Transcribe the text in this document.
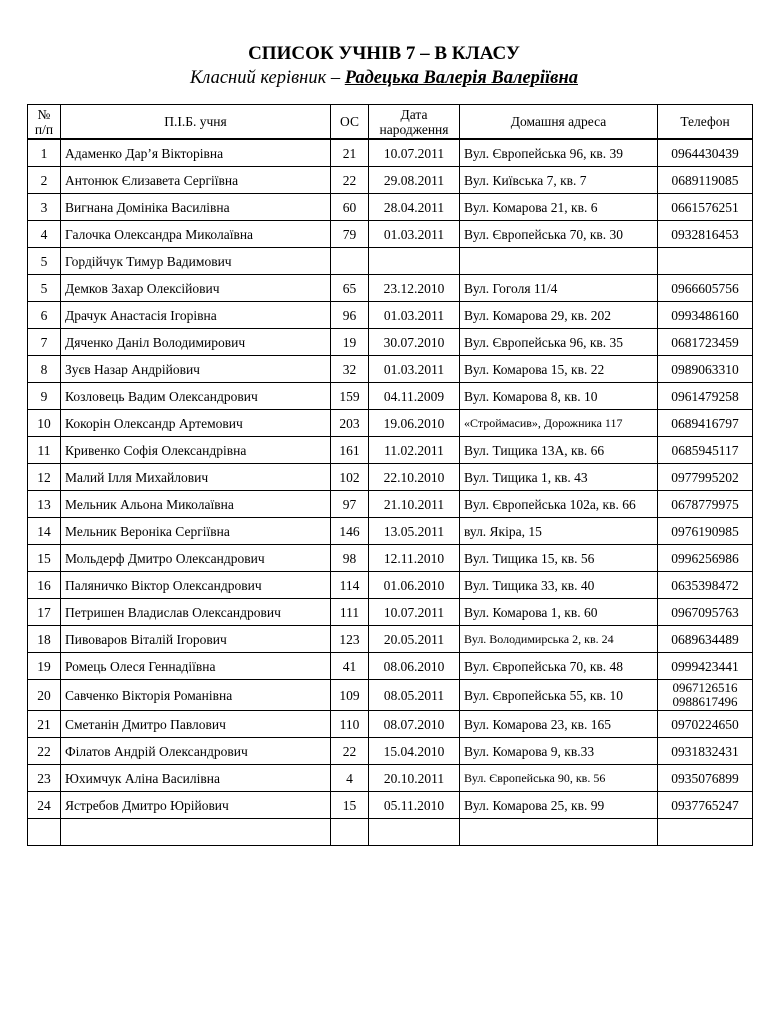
СПИСОК УЧНІВ 7 – В КЛАСУ

Класний керівник – Радецька Валерія Валеріївна

№
п/п	П.І.Б. учня	ОС	Дата народження	Домашня адреса	Телефон
1	Адаменко Дар’я Вікторівна	21	10.07.2011	Вул. Європейська 96, кв. 39	0964430439

2	Антонюк Єлизавета Сергіївна	22	29.08.2011	Вул. Київська 7, кв. 7	0689119085

3	Вигнана Домініка Василівна	60	28.04.2011	Вул. Комарова 21, кв. 6	0661576251

4	Галочка Олександра Миколаївна	79	01.03.2011	Вул. Європейська 70, кв. 30	0932816453

5	Гордійчук Тимур Вадимович				

5	Демков Захар Олексійович	65	23.12.2010	Вул. Гоголя 11/4	0966605756

6	Драчук Анастасія Ігорівна	96	01.03.2011	Вул. Комарова 29, кв. 202	0993486160

7	Дяченко Даніл Володимирович	19	30.07.2010	Вул. Європейська 96, кв. 35	0681723459

8	Зуєв Назар Андрійович	32	01.03.2011	Вул. Комарова 15, кв. 22	0989063310

9	Козловець Вадим Олександрович	159	04.11.2009	Вул. Комарова 8, кв. 10	0961479258

10	Кокорін Олександр Артемович	203	19.06.2010	«Строймасив», Дорожника 117	0689416797

11	Кривенко Софія Олександрівна	161	11.02.2011	Вул. Тищика 13А, кв. 66	0685945117

12	Малий Ілля Михайлович	102	22.10.2010	Вул. Тищика 1, кв. 43	0977995202

13	Мельник Альона Миколаївна	97	21.10.2011	Вул. Європейська 102а, кв. 66	0678779975

14	Мельник Вероніка Сергіївна	146	13.05.2011	вул. Якіра, 15	0976190985

15	Мольдерф Дмитро Олександрович	98	12.11.2010	Вул. Тищика 15, кв. 56	0996256986

16	Паляничко Віктор Олександрович	114	01.06.2010	Вул. Тищика 33, кв. 40	0635398472

17	Петришен Владислав Олександрович	111	10.07.2011	Вул. Комарова 1, кв. 60	0967095763

18	Пивоваров Віталій Ігорович	123	20.05.2011	Вул. Володимирська 2, кв. 24	0689634489

19	Ромець Олеся Геннадіївна	41	08.06.2010	Вул. Європейська 70, кв. 48	0999423441

20	Савченко Вікторія Романівна	109	08.05.2011	Вул. Європейська 55, кв. 10	0967126516
0988617496

21	Сметанін Дмитро Павлович	110	08.07.2010	Вул. Комарова 23, кв. 165	0970224650

22	Філатов Андрій Олександрович	22	15.04.2010	Вул. Комарова 9, кв.33	0931832431

23	Юхимчук Аліна Василівна	4	20.10.2011	Вул. Європейська 90, кв. 56	0935076899

24	Ястребов Дмитро Юрійович	15	05.11.2010	Вул. Комарова 25, кв. 99	0937765247
